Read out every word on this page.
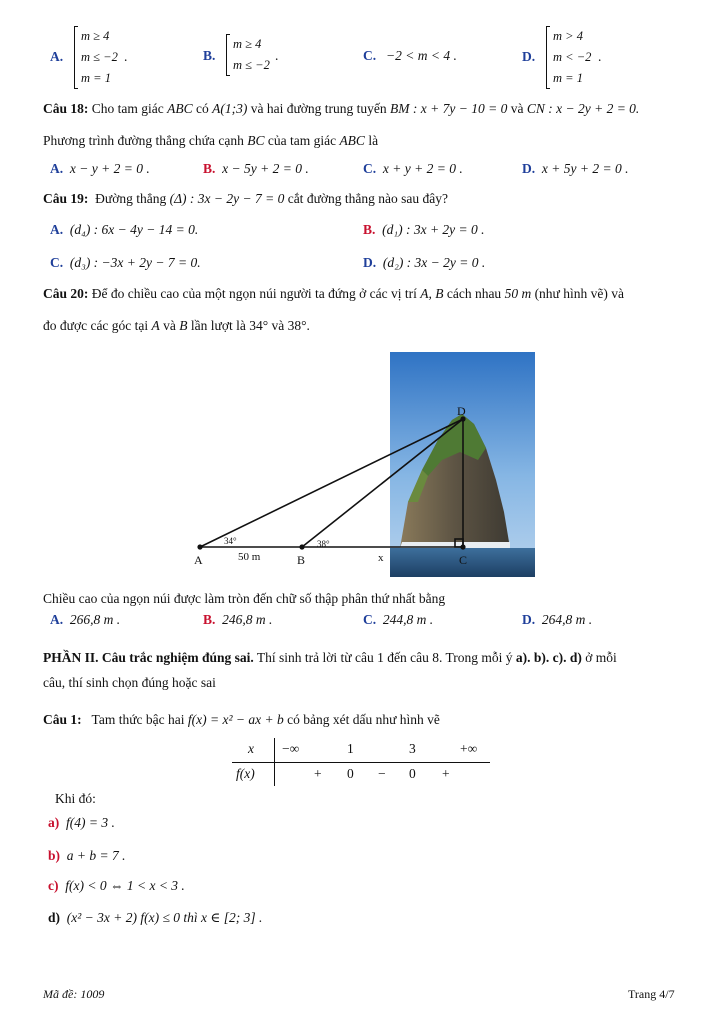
A.
m ≥ 4
m ≤ −2
m = 1
.	B.
m ≥ 4
m ≤ −2
.	C. −2 < m < 4 .	D.
m > 4
m < −2
m = 1
.
Câu 18: Cho tam giác ABC có A(1;3) và hai đường trung tuyến BM : x + 7y − 10 = 0 và CN : x − 2y + 2 = 0.
Phương trình đường thẳng chứa cạnh BC của tam giác ABC là
A. x − y + 2 = 0 .	B. x − 5y + 2 = 0 .	C. x + y + 2 = 0 .	D. x + 5y + 2 = 0 .
Câu 19: Đường thẳng (Δ) : 3x − 2y − 7 = 0 cắt đường thẳng nào sau đây?
A. (d₄) : 6x − 4y − 14 = 0.	B. (d₁) : 3x + 2y = 0 .
C. (d₃) : −3x + 2y − 7 = 0.	D. (d₂) : 3x − 2y = 0 .
Câu 20: Để đo chiều cao của một ngọn núi người ta đứng ở các vị trí A, B cách nhau 50 m (như hình vẽ) và
đo được các góc tại A và B lần lượt là 34° và 38°.
A	B	C
D
34°	38°
50 m	x
Chiều cao của ngọn núi được làm tròn đến chữ số thập phân thứ nhất bằng
A. 266,8 m .	B. 246,8 m .	C. 244,8 m .	D. 264,8 m .
PHẦN II. Câu trắc nghiệm đúng sai. Thí sinh trả lời từ câu 1 đến câu 8. Trong mỗi ý a). b). c). d) ở mỗi
câu, thí sinh chọn đúng hoặc sai
Câu 1: Tam thức bậc hai f(x) = x² − ax + b có bảng xét dấu như hình vẽ
x −∞	1	3	+∞
f(x)	+ 0 − 0 +
Khi đó:
a) f(4) = 3 .
b) a + b = 7 .
c) f(x) < 0 ⇔ 1 < x < 3 .
d) (x² − 3x + 2) f(x) ≤ 0 thì x ∈ [2; 3] .
Mã đề: 1009	Trang 4/7
